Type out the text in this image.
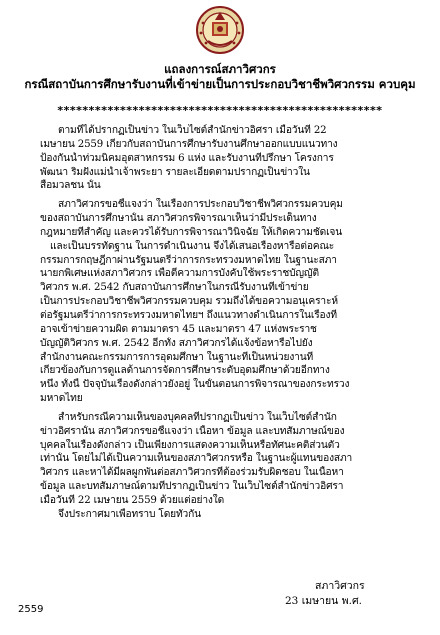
แถลงการณ์สภาวิศวกร
กรณีสถาบันการศึกษารับงานที่เข้าข่ายเป็นการประกอบวิชาชีพวิศวกรรม ควบคุม
****************************************************
ตามที่ได้ปรากฏเป็นข่าว ในเว็บไซต์สำนักข่าวอิศรา เมื่อวันที่ 22
เมษายน 2559 เกี่ยวกับสถาบันการศึกษารับงานศึกษาออกแบบแนวทาง
ป้องกันน้ำท่วมนิคมอุตสาหกรรม 6 แห่ง และรับงานที่ปรึกษา โครงการ
พัฒนา ริมฝั่งแม่น้ำเจ้าพระยา รายละเอียดตามปรากฏเป็นข่าวใน
สื่อมวลชน นั้น
สภาวิศวกรขอชี้แจงว่า ในเรื่องการประกอบวิชาชีพวิศวกรรมควบคุม
ของสถาบันการศึกษานั้น สภาวิศวกรพิจารณาเห็นว่ามีประเด็นทาง
กฎหมายที่สำคัญ และควรได้รับการพิจารณาวินิจฉัย ให้เกิดความชัดเจน
และเป็นบรรทัดฐาน ในการดำเนินงาน จึงได้เสนอเรื่องหารือต่อคณะ
กรรมการกฤษฎีกาผ่านรัฐมนตรีว่าการกระทรวงมหาดไทย ในฐานะสภา
นายกพิเศษแห่งสภาวิศวกร เพื่อตีความการบังคับใช้พระราชบัญญัติ
วิศวกร พ.ศ. 2542 กับสถาบันการศึกษาในกรณีรับงานที่เข้าข่าย
เป็นการประกอบวิชาชีพวิศวกรรมควบคุม รวมถึงได้ขอความอนุเคราะห์
ต่อรัฐมนตรีว่าการกระทรวงมหาดไทยฯ ถึงแนวทางดำเนินการในเรื่องที่
อาจเข้าข่ายความผิด ตามมาตรา 45 และมาตรา 47 แห่งพระราช
บัญญัติวิศวกร พ.ศ. 2542 อีกทั้ง สภาวิศวกรได้แจ้งข้อหารือไปยัง
สำนักงานคณะกรรมการการอุดมศึกษา ในฐานะที่เป็นหน่วยงานที่
เกี่ยวข้องกับการดูแลด้านการจัดการศึกษาระดับอุดมศึกษาด้วยอีกทาง
หนึ่ง ทั้งนี้ ปัจจุบันเรื่องดังกล่าวยังอยู่ ในขั้นตอนการพิจารณาของกระทรวง
มหาดไทย
สำหรับกรณีความเห็นของบุคคลที่ปรากฏเป็นข่าว ในเว็บไซต์สำนัก
ข่าวอิศรานั้น สภาวิศวกรขอชี้แจงว่า เนื้อหา ข้อมูล และบทสัมภาษณ์ของ
บุคคลในเรื่องดังกล่าว เป็นเพียงการแสดงความเห็นหรือทัศนะคติส่วนตัว
เท่านั้น โดยไม่ได้เป็นความเห็นของสภาวิศวกรหรือ ในฐานะผู้แทนของสภา
วิศวกร และหาได้มีผลผูกพันต่อสภาวิศวกรที่ต้องร่วมรับผิดชอบ ในเนื้อหา
ข้อมูล และบทสัมภาษณ์ตามที่ปรากฏเป็นข่าว ในเว็บไซต์สำนักข่าวอิศรา
เมื่อวันที่ 22 เมษายน 2559 ด้วยแต่อย่างใด
จึงประกาศมาเพื่อทราบ โดยทั่วกัน
สภาวิศวกร
23 เมษายน พ.ศ.
2559
